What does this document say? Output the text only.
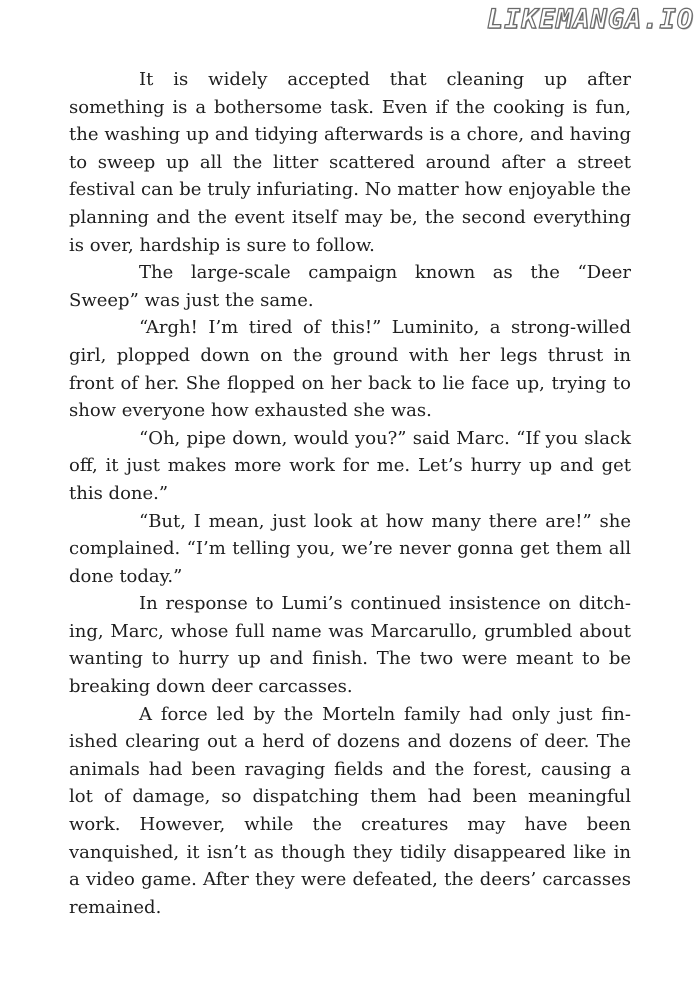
LIKEMANGA.IO

It is widely accepted that cleaning up after something is a bothersome task. Even if the cooking is fun, the washing up and tidying afterwards is a chore, and having to sweep up all the litter scattered around after a street festival can be truly infuriating. No matter how enjoyable the planning and the event itself may be, the second everything is over, hardship is sure to follow.

The large-scale campaign known as the “Deer Sweep” was just the same.

“Argh! I’m tired of this!” Luminito, a strong-willed girl, plopped down on the ground with her legs thrust in front of her. She flopped on her back to lie face up, trying to show everyone how exhausted she was.

“Oh, pipe down, would you?” said Marc. “If you slack off, it just makes more work for me. Let’s hurry up and get this done.”

“But, I mean, just look at how many there are!” she complained. “I’m telling you, we’re never gonna get them all done today.”

In response to Lumi’s continued insistence on ditching, Marc, whose full name was Marcarullo, grumbled about wanting to hurry up and finish. The two were meant to be breaking down deer carcasses.

A force led by the Morteln family had only just finished clearing out a herd of dozens and dozens of deer. The animals had been ravaging fields and the forest, causing a lot of damage, so dispatching them had been meaningful work. However, while the creatures may have been vanquished, it isn’t as though they tidily disappeared like in a video game. After they were defeated, the deers’ carcasses remained.
